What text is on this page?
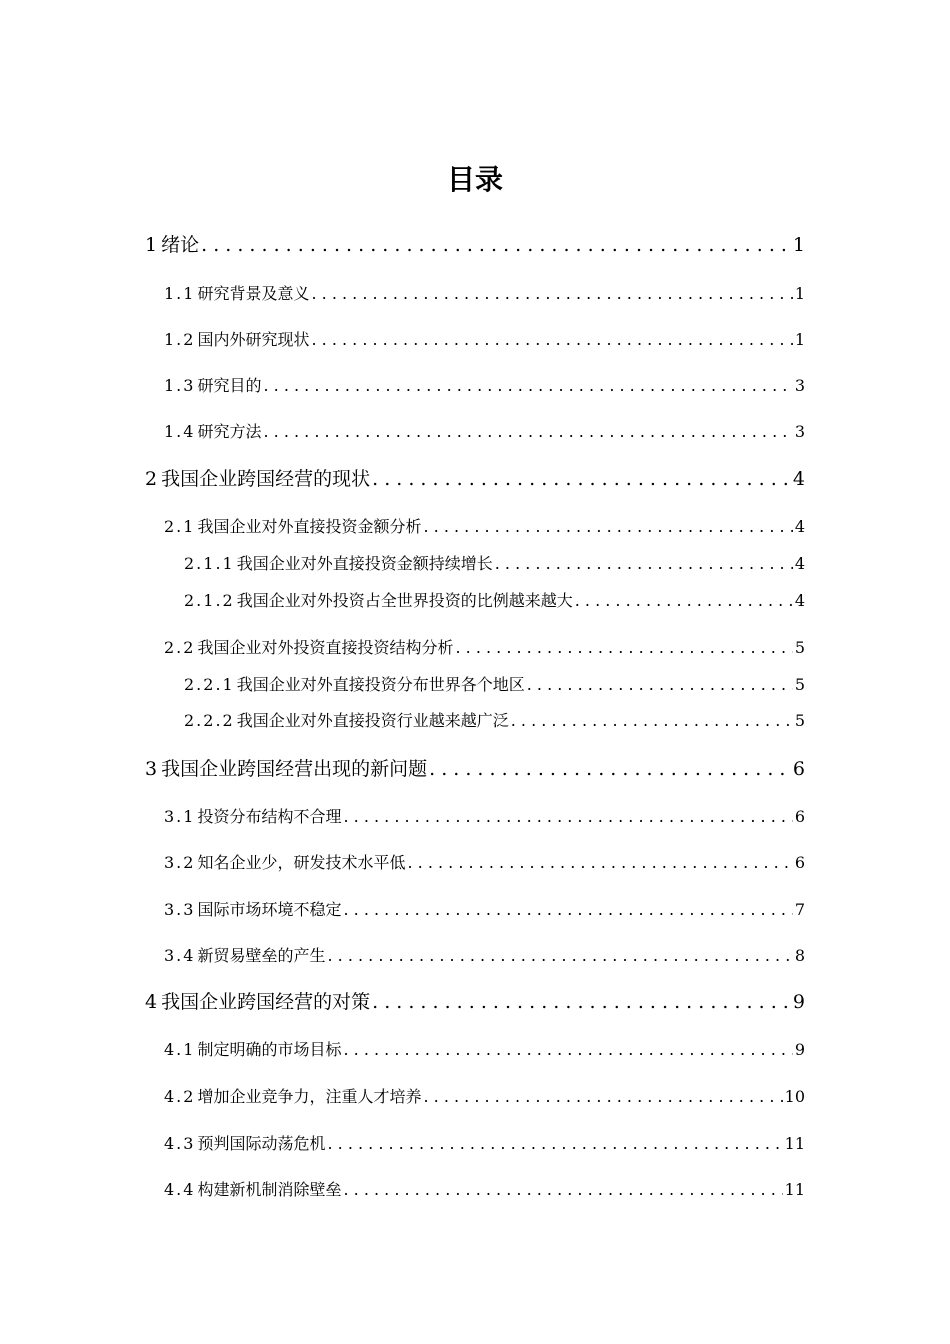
目录
1 绪论 . . .	1
1.1 研究背景及意义 . . .	1
1.2 国内外研究现状 . . .	1
1.3 研究目的 . . .	3
1.4 研究方法 . . .	3
2 我国企业跨国经营的现状 . . .	4
2.1 我国企业对外直接投资金额分析 . . .	4
2.1.1 我国企业对外直接投资金额持续增长 . . .	4
2.1.2 我国企业对外投资占全世界投资的比例越来越大 . . .	4
2.2 我国企业对外投资直接投资结构分析 . . .	5
2.2.1 我国企业对外直接投资分布世界各个地区 . . .	5
2.2.2 我国企业对外直接投资行业越来越广泛 . . .	5
3 我国企业跨国经营出现的新问题 . . .	6
3.1 投资分布结构不合理 . . .	6
3.2 知名企业少，研发技术水平低 . . .	6
3.3 国际市场环境不稳定 . . .	7
3.4 新贸易壁垒的产生 . . .	8
4 我国企业跨国经营的对策 . . .	9
4.1 制定明确的市场目标 . . .	9
4.2 增加企业竞争力，注重人才培养 . . .	10
4.3 预判国际动荡危机 . . .	11
4.4 构建新机制消除壁垒 . . .	11
